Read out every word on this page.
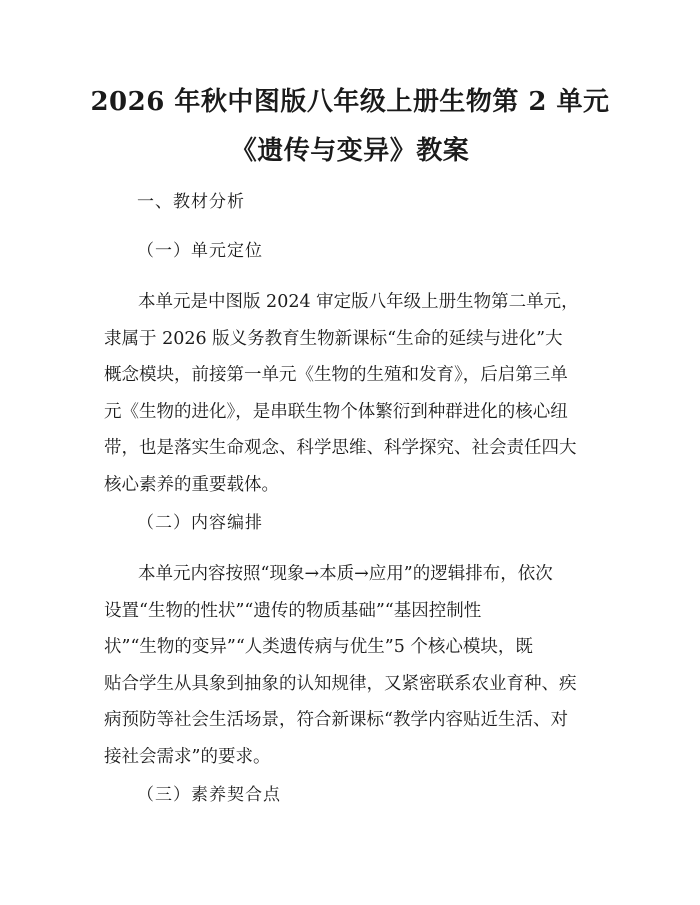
2026 年秋中图版八年级上册生物第 2 单元
《遗传与变异》教案
一、教材分析
（一）单元定位
本单元是中图版 2024 审定版八年级上册生物第二单元，
隶属于 2026 版义务教育生物新课标“生命的延续与进化”大
概念模块，前接第一单元《生物的生殖和发育》，后启第三单
元《生物的进化》，是串联生物个体繁衍到种群进化的核心纽
带，也是落实生命观念、科学思维、科学探究、社会责任四大
核心素养的重要载体。
（二）内容编排
本单元内容按照“现象→本质→应用”的逻辑排布，依次
设置“生物的性状”“遗传的物质基础”“基因控制性
状”“生物的变异”“人类遗传病与优生”5 个核心模块，既
贴合学生从具象到抽象的认知规律，又紧密联系农业育种、疾
病预防等社会生活场景，符合新课标“教学内容贴近生活、对
接社会需求”的要求。
（三）素养契合点
